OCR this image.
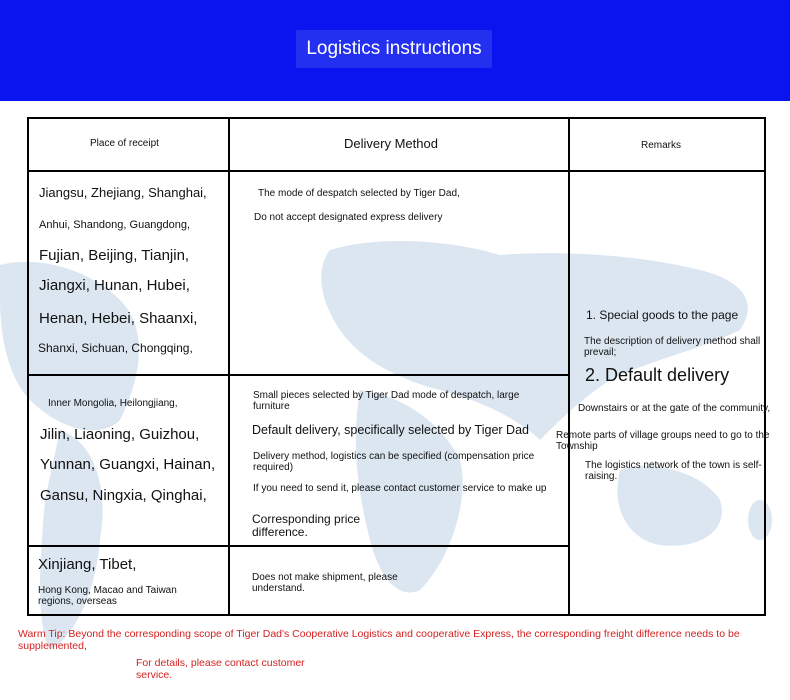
Logistics instructions
Place of receipt	Delivery Method	Remarks
Jiangsu, Zhejiang, Shanghai,
Anhui, Shandong, Guangdong,
Fujian, Beijing, Tianjin,
Jiangxi, Hunan, Hubei,
Henan, Hebei, Shaanxi,
Shanxi, Sichuan, Chongqing,
The mode of despatch selected by Tiger Dad,
Do not accept designated express delivery
Inner Mongolia, Heilongjiang,
Jilin, Liaoning, Guizhou,
Yunnan, Guangxi, Hainan,
Gansu, Ningxia, Qinghai,
Small pieces selected by Tiger Dad mode of despatch, large furniture
Default delivery, specifically selected by Tiger Dad
Delivery method, logistics can be specified (compensation price required)
If you need to send it, please contact customer service to make up
Corresponding price difference.
Xinjiang, Tibet,
Hong Kong, Macao and Taiwan regions, overseas
Does not make shipment, please understand.
1. Special goods to the page
The description of delivery method shall prevail;
2. Default delivery
Downstairs or at the gate of the community,
Remote parts of village groups need to go to the Township
The logistics network of the town is self-raising.
Warm Tip: Beyond the corresponding scope of Tiger Dad's Cooperative Logistics and cooperative Express, the corresponding freight difference needs to be supplemented,
For details, please contact customer service.
